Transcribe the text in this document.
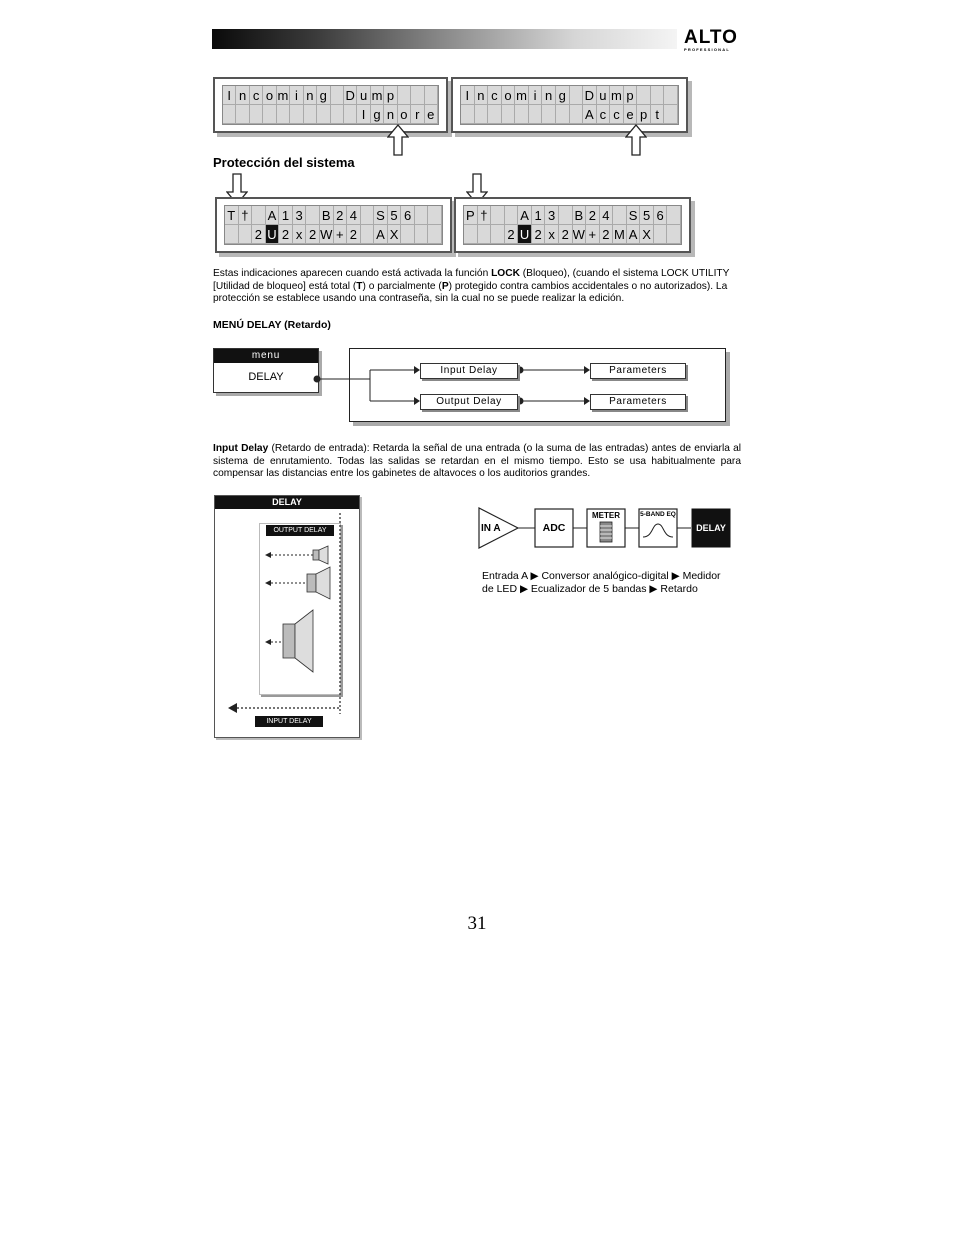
ALTO
PROFESSIONAL
I n c o m i n g D u m p
I g n o r e
I n c o m i n g D u m p
A c c e p t
Protección del sistema
T † A 1 3 B 2 4 S 5 6
2 U 2 x 2 W + 2 A X
P †	A 1 3 B 2 4 S 5 6
2 U 2 x 2 W + 2 M A X
Estas indicaciones aparecen cuando está activada la función LOCK (Bloqueo), (cuando el sistema LOCK UTILITY [Utilidad de bloqueo] está total (T) o parcialmente (P) protegido contra cambios accidentales o no autorizados). La protección se establece usando una contraseña, sin la cual no se puede realizar la edición.
MENÚ DELAY (Retardo)
menu
DELAY
Input Delay
Output Delay
Parameters
Parameters
Input Delay (Retardo de entrada): Retarda la señal de una entrada (o la suma de las entradas) antes de enviarla al sistema de enrutamiento. Todas las salidas se retardan en el mismo tiempo. Esto se usa habitualmente para compensar las distancias entre los gabinetes de altavoces o los auditorios grandes.
DELAY
OUTPUT DELAY
INPUT DELAY
IN A	ADC
METER	5-BAND EQ
DELAY
Entrada A ▶ Conversor analógico-digital ▶ Medidor
de LED ▶ Ecualizador de 5 bandas ▶ Retardo
31
